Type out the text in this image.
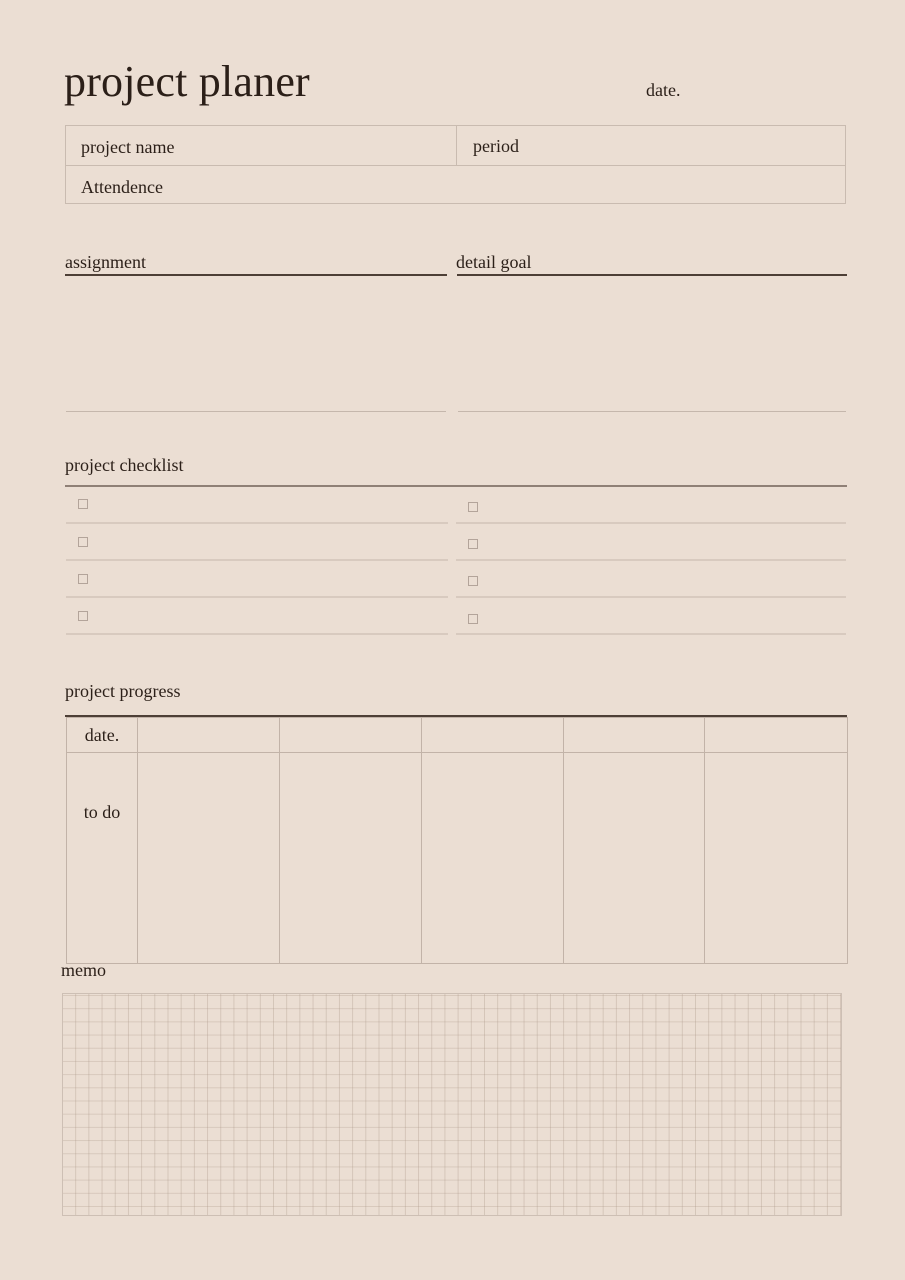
project planer	date.
project name	period
Attendence
assignment	detail goal
project checklist
project progress
date.					
to do					
memo
